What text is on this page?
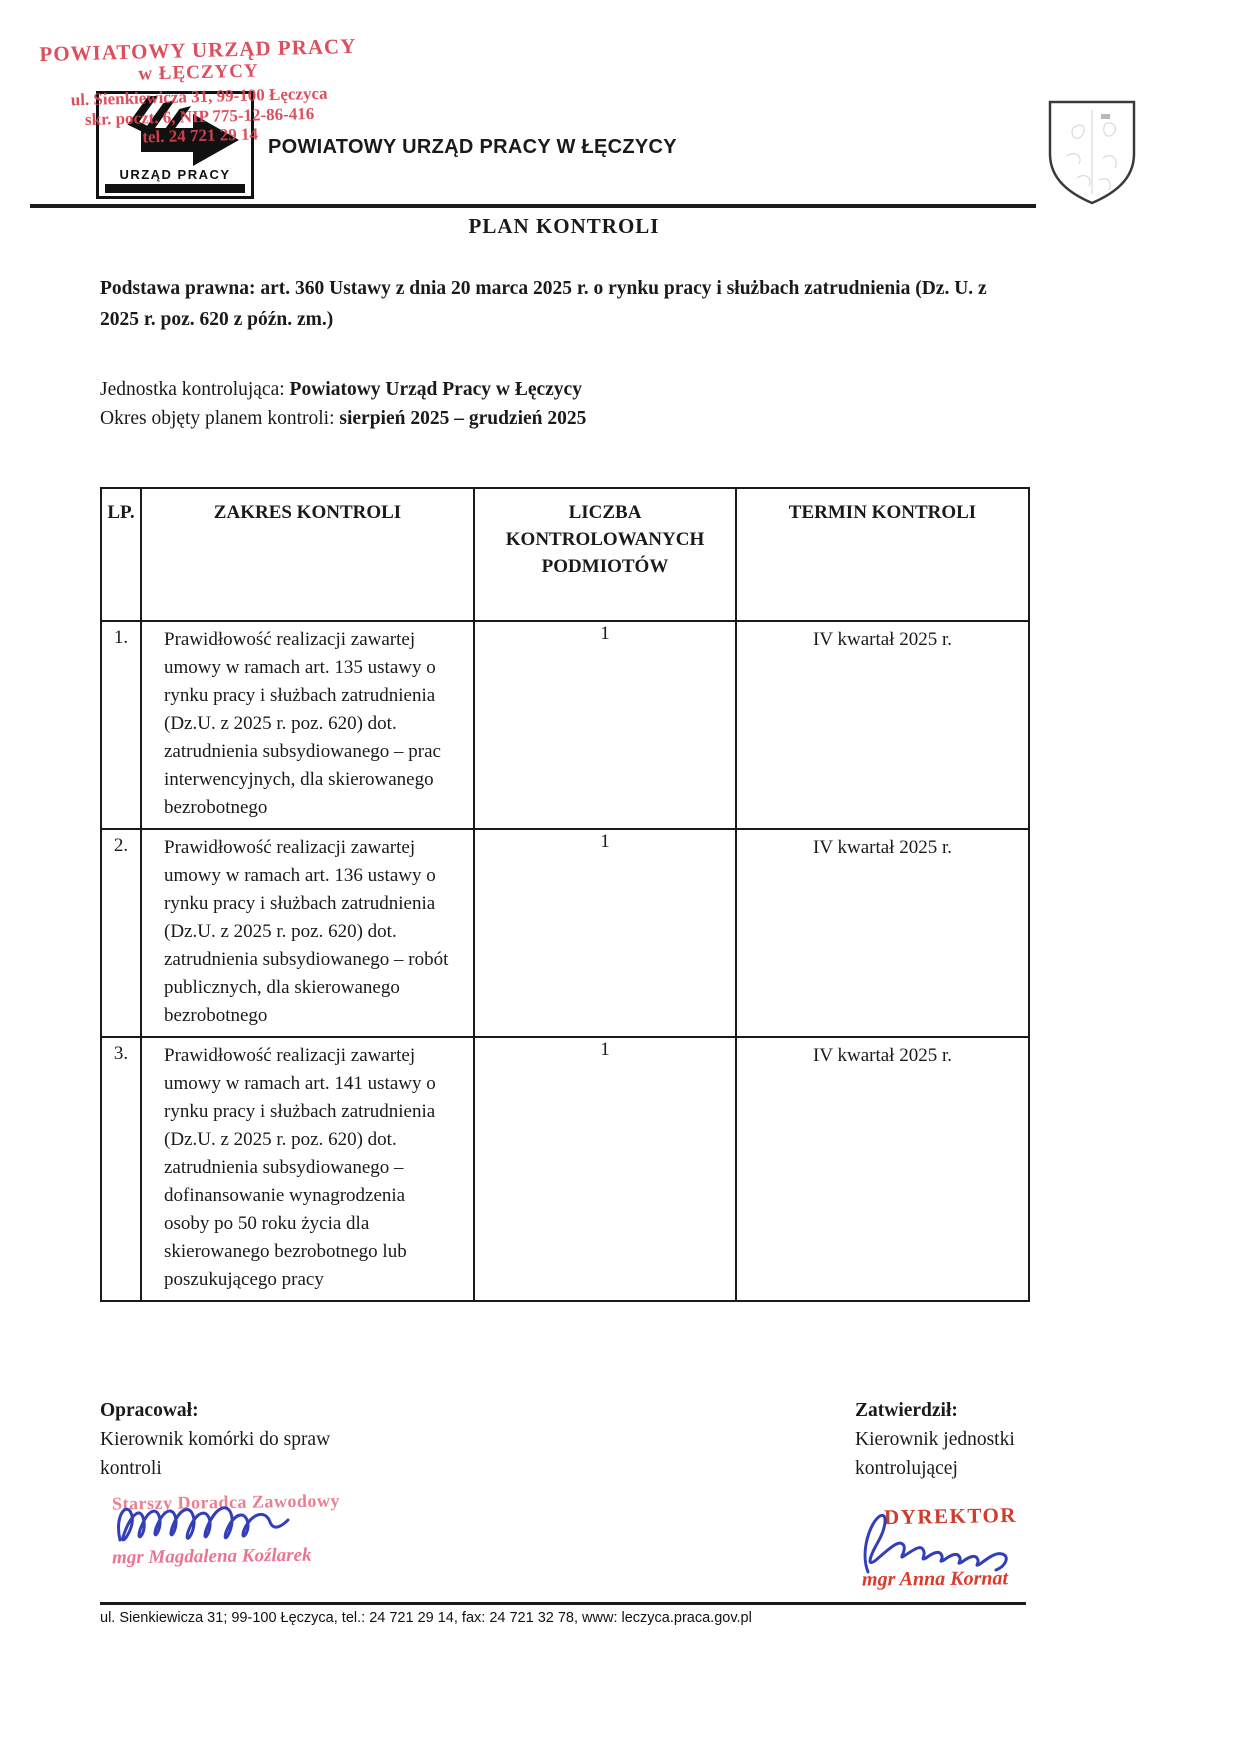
POWIATOWY URZĄD PRACY
w ŁĘCZYCY
ul. Sienkiewicza 31, 99-100 Łęczyca
skr. poczt. 6, NIP 775-12-86-416
tel. 24 721 29 14
URZĄD PRACY
POWIATOWY URZĄD PRACY W ŁĘCZYCY
PLAN KONTROLI

Podstawa prawna: art. 360 Ustawy z dnia 20 marca 2025 r. o rynku pracy i służbach zatrudnienia (Dz. U. z 2025 r. poz. 620 z późn. zm.)

Jednostka kontrolująca: Powiatowy Urząd Pracy w Łęczycy
Okres objęty planem kontroli: sierpień 2025 – grudzień 2025

LP.	ZAKRES KONTROLI	LICZBA KONTROLOWANYCH PODMIOTÓW	TERMIN KONTROLI
1.	Prawidłowość realizacji zawartej umowy w ramach art. 135 ustawy o rynku pracy i służbach zatrudnienia (Dz.U. z 2025 r. poz. 620) dot. zatrudnienia subsydiowanego – prac interwencyjnych, dla skierowanego bezrobotnego	1	IV kwartał 2025 r.
2.	Prawidłowość realizacji zawartej umowy w ramach art. 136 ustawy o rynku pracy i służbach zatrudnienia (Dz.U. z 2025 r. poz. 620) dot. zatrudnienia subsydiowanego – robót publicznych, dla skierowanego bezrobotnego	1	IV kwartał 2025 r.
3.	Prawidłowość realizacji zawartej umowy w ramach art. 141 ustawy o rynku pracy i służbach zatrudnienia (Dz.U. z 2025 r. poz. 620) dot. zatrudnienia subsydiowanego – dofinansowanie wynagrodzenia osoby po 50 roku życia dla skierowanego bezrobotnego lub poszukującego pracy	1	IV kwartał 2025 r.
Opracował:
Kierownik komórki do spraw kontroli
Zatwierdził:
Kierownik jednostki kontrolującej
Starszy Doradca Zawodowy
mgr Magdalena Koźlarek
DYREKTOR
mgr Anna Kornat
ul. Sienkiewicza 31; 99-100 Łęczyca, tel.: 24 721 29 14, fax: 24 721 32 78, www: leczyca.praca.gov.pl
